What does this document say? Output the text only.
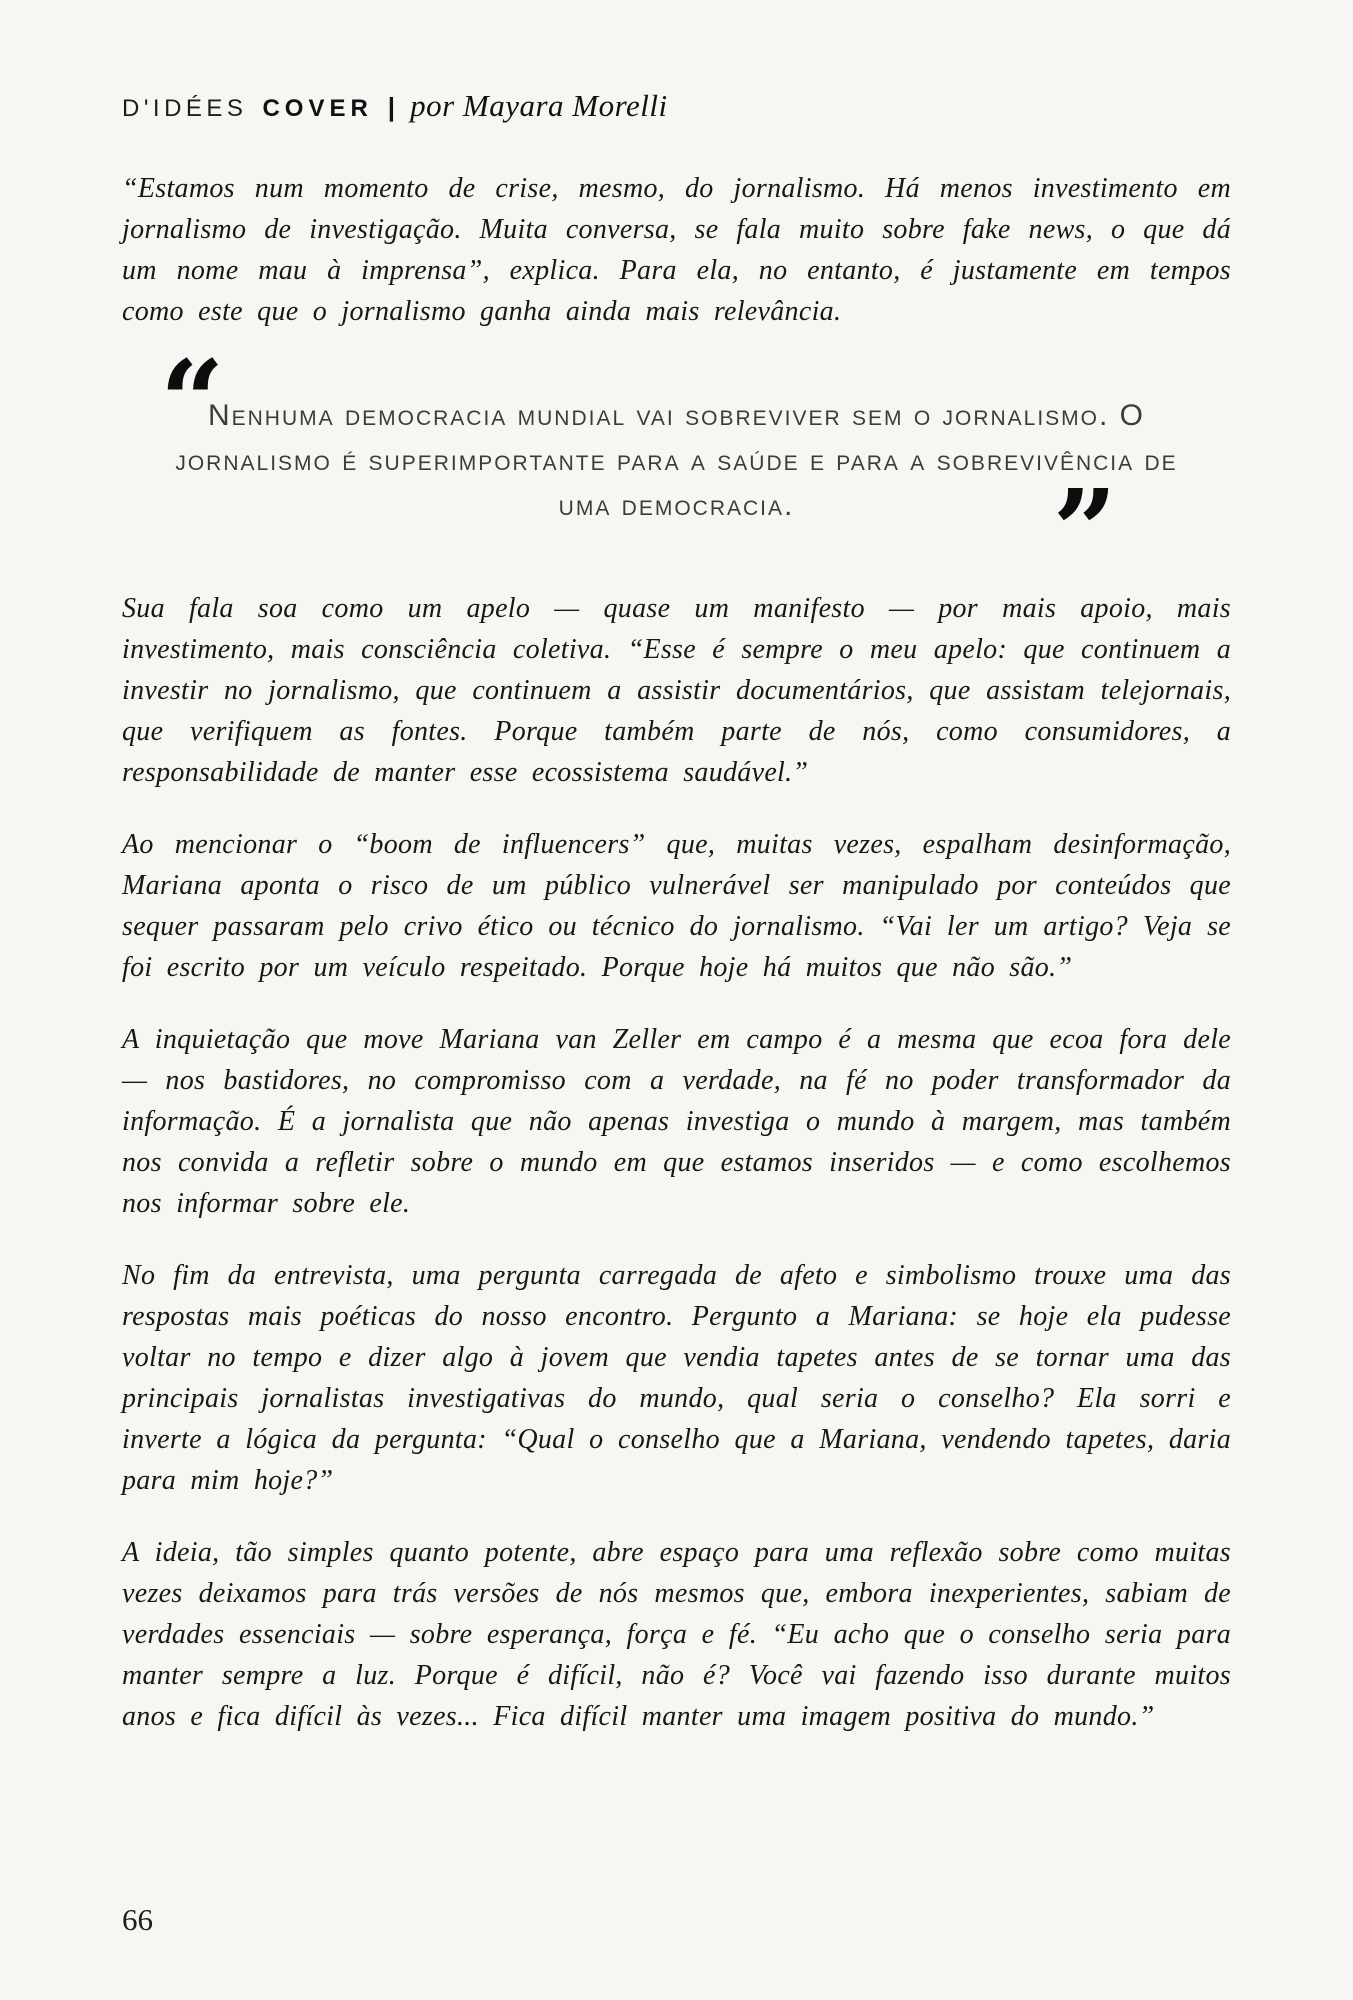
D'IDÉES COVER | por Mayara Morelli

“Estamos num momento de crise, mesmo, do jornalismo. Há menos investimento em jornalismo de investigação. Muita conversa, se fala muito sobre fake news, o que dá um nome mau à imprensa”, explica. Para ela, no entanto, é justamente em tempos como este que o jornalismo ganha ainda mais relevância.

“
Nenhuma democracia mundial vai sobreviver sem o jornalismo. O jornalismo é superimportante para a saúde e para a sobrevivência de uma democracia.	”

Sua fala soa como um apelo — quase um manifesto — por mais apoio, mais investimento, mais consciência coletiva. “Esse é sempre o meu apelo: que continuem a investir no jornalismo, que continuem a assistir documentários, que assistam telejornais, que verifiquem as fontes. Porque também parte de nós, como consumidores, a responsabilidade de manter esse ecossistema saudável.”

Ao mencionar o “boom de influencers” que, muitas vezes, espalham desinformação, Mariana aponta o risco de um público vulnerável ser manipulado por conteúdos que sequer passaram pelo crivo ético ou técnico do jornalismo. “Vai ler um artigo? Veja se foi escrito por um veículo respeitado. Porque hoje há muitos que não são.”

A inquietação que move Mariana van Zeller em campo é a mesma que ecoa fora dele — nos bastidores, no compromisso com a verdade, na fé no poder transformador da informação. É a jornalista que não apenas investiga o mundo à margem, mas também nos convida a refletir sobre o mundo em que estamos inseridos — e como escolhemos nos informar sobre ele.

No fim da entrevista, uma pergunta carregada de afeto e simbolismo trouxe uma das respostas mais poéticas do nosso encontro. Pergunto a Mariana: se hoje ela pudesse voltar no tempo e dizer algo à jovem que vendia tapetes antes de se tornar uma das principais jornalistas investigativas do mundo, qual seria o conselho? Ela sorri e inverte a lógica da pergunta: “Qual o conselho que a Mariana, vendendo tapetes, daria para mim hoje?”

A ideia, tão simples quanto potente, abre espaço para uma reflexão sobre como muitas vezes deixamos para trás versões de nós mesmos que, embora inexperientes, sabiam de verdades essenciais — sobre esperança, força e fé. “Eu acho que o conselho seria para manter sempre a luz. Porque é difícil, não é? Você vai fazendo isso durante muitos anos e fica difícil às vezes... Fica difícil manter uma imagem positiva do mundo.”

66
